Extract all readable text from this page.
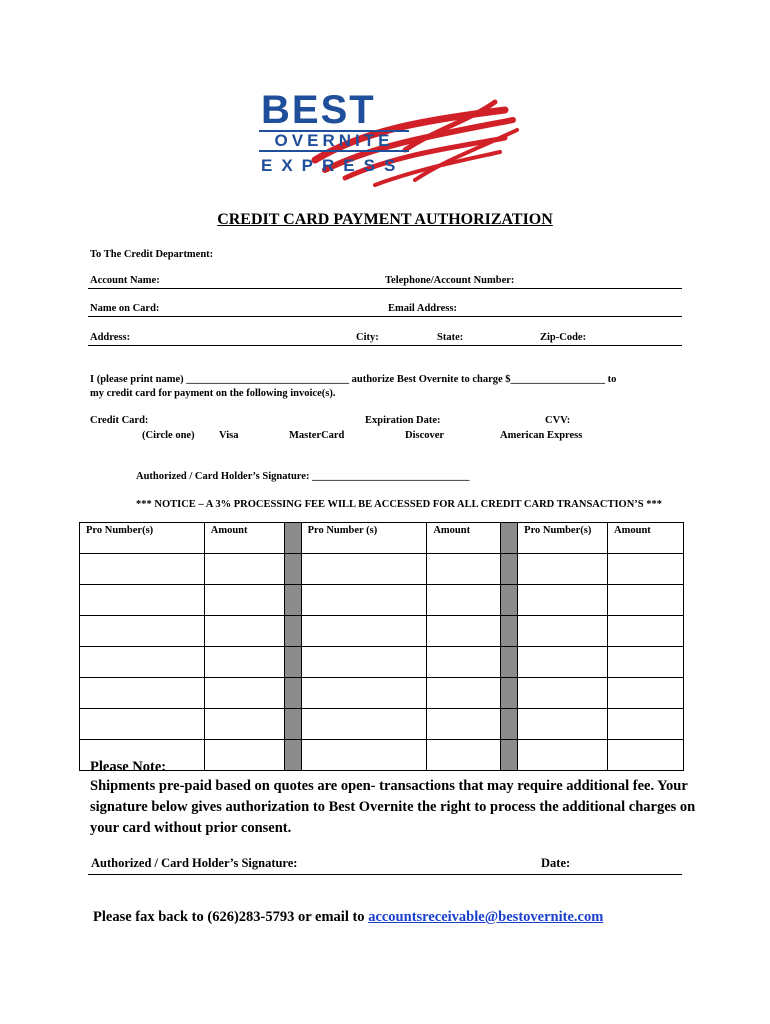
BEST
OVERNITE
EXPRESS
CREDIT CARD PAYMENT AUTHORIZATION
To The Credit Department:
Account Name:	Telephone/Account Number:
Name on Card:	Email Address:
Address:	City:	State:	Zip-Code:
I (please print name) _______________________________ authorize Best Overnite to charge $__________________ to
my credit card for payment on the following invoice(s).
Credit Card:	Expiration Date:	CVV:
(Circle one) Visa	MasterCard	Discover	American Express
Authorized / Card Holder’s Signature: ______________________________
*** NOTICE – A 3% PROCESSING FEE WILL BE ACCESSED FOR ALL CREDIT CARD TRANSACTION’S ***
Pro Number(s)	Amount		Pro Number (s)	Amount		Pro Number(s)	Amount

Please Note:
Shipments pre-paid based on quotes are open- transactions that may require additional fee. Your signature below gives authorization to Best Overnite the right to process the additional charges on your card without prior consent.
Authorized / Card Holder’s Signature:	Date:
Please fax back to (626)283-5793 or email to accountsreceivable@bestovernite.com
